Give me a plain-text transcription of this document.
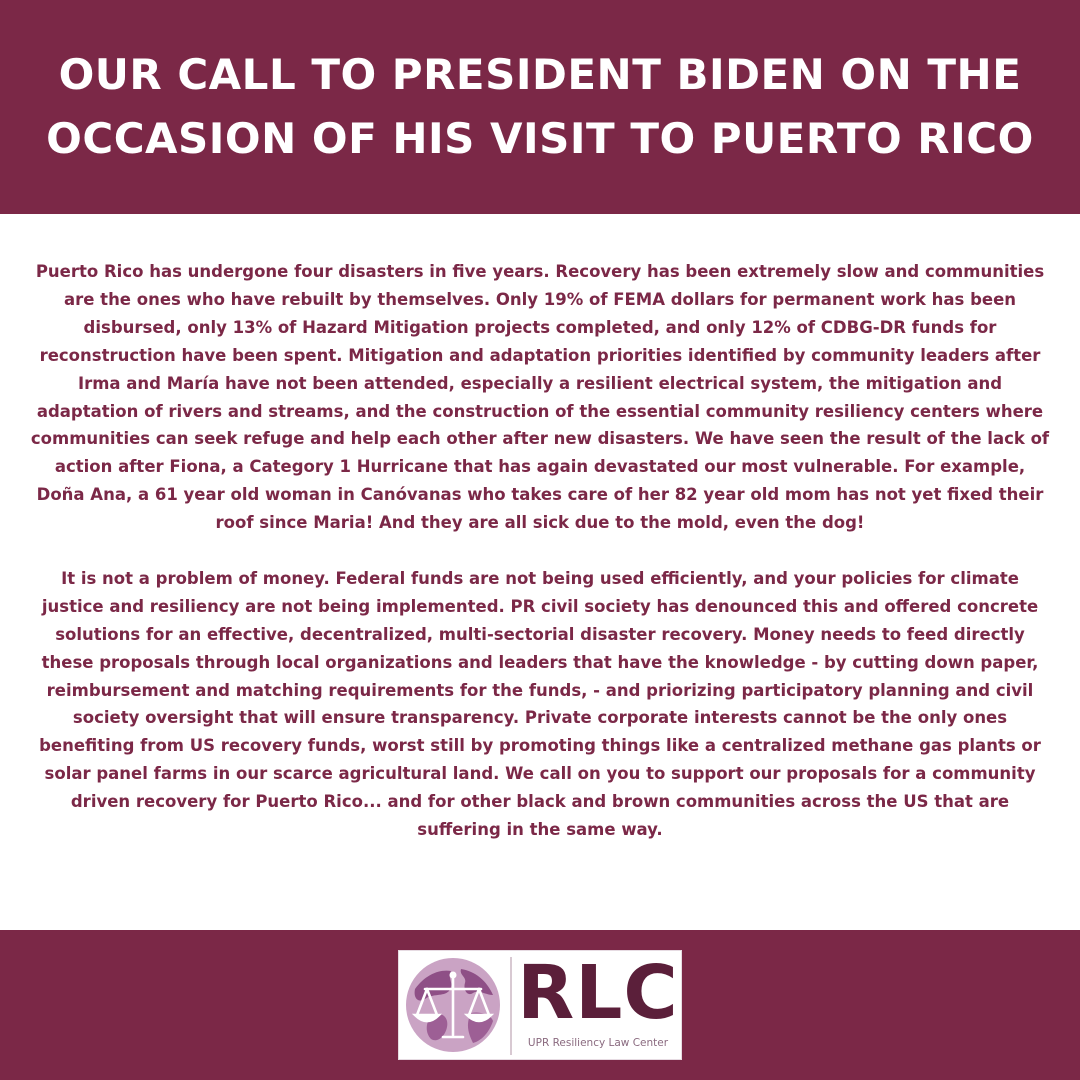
OUR CALL TO PRESIDENT BIDEN ON THE
OCCASION OF HIS VISIT TO PUERTO RICO

Puerto Rico has undergone four disasters in five years. Recovery has been extremely slow and communities are the ones who have rebuilt by themselves. Only 19% of FEMA dollars for permanent work has been disbursed, only 13% of Hazard Mitigation projects completed, and only 12% of CDBG-DR funds for reconstruction have been spent. Mitigation and adaptation priorities identified by community leaders after Irma and María have not been attended, especially a resilient electrical system, the mitigation and adaptation of rivers and streams, and the construction of the essential community resiliency centers where communities can seek refuge and help each other after new disasters. We have seen the result of the lack of action after Fiona, a Category 1 Hurricane that has again devastated our most vulnerable. For example, Doña Ana, a 61 year old woman in Canóvanas who takes care of her 82 year old mom has not yet fixed their roof since Maria! And they are all sick due to the mold, even the dog!

It is not a problem of money. Federal funds are not being used efficiently, and your policies for climate justice and resiliency are not being implemented. PR civil society has denounced this and offered concrete solutions for an effective, decentralized, multi-sectorial disaster recovery. Money needs to feed directly these proposals through local organizations and leaders that have the knowledge - by cutting down paper, reimbursement and matching requirements for the funds, - and priorizing participatory planning and civil society oversight that will ensure transparency. Private corporate interests cannot be the only ones benefiting from US recovery funds, worst still by promoting things like a centralized methane gas plants or solar panel farms in our scarce agricultural land. We call on you to support our proposals for a community driven recovery for Puerto Rico... and for other black and brown communities across the US that are suffering in the same way.

RLC
UPR Resiliency Law Center
